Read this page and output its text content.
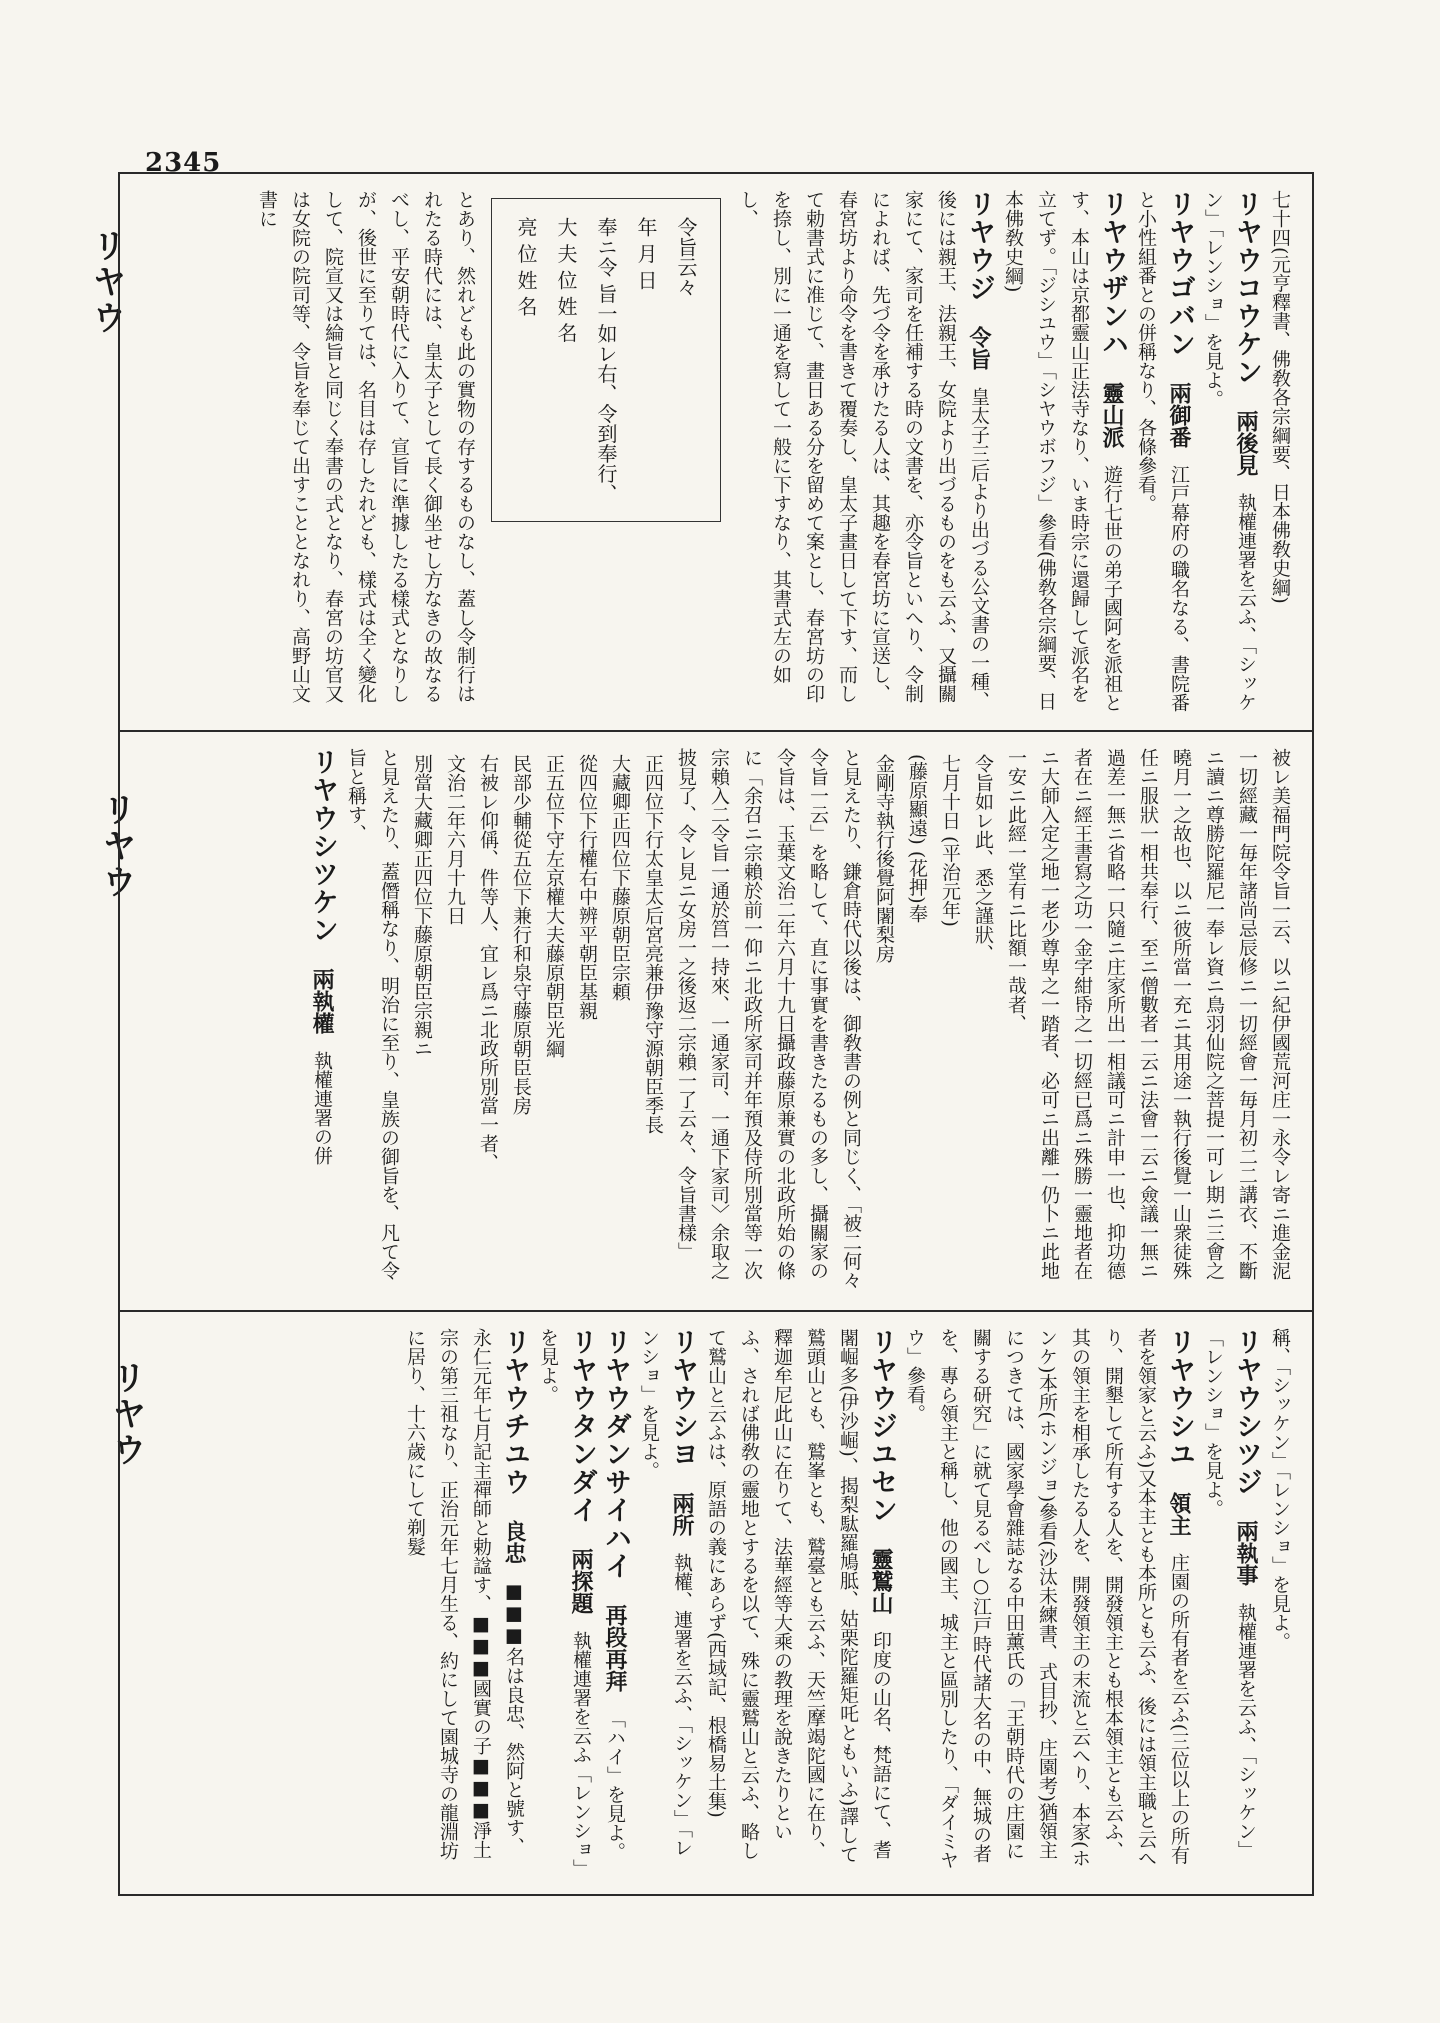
2345
リヤウ
リヤウ
リヤウ

七十四(元亨釋書、佛敎各宗綱要、日本佛敎史綱)

リヤウコウケン 兩後見 執權連署を云ふ、「シッケン」「レンショ」を見よ。

リヤウゴバン 兩御番 江戸幕府の職名なる、書院番と小性組番との併稱なり、各條參看。

リヤウザンハ 靈山派 遊行七世の弟子國阿を派祖とす、本山は京都靈山正法寺なり、いま時宗に還歸して派名を立てず。「ジシユウ」「シヤウボフジ」參看(佛敎各宗綱要、日本佛敎史綱)

リヤウジ 令旨 皇太子三后より出づる公文書の一種、後には親王、法親王、女院より出づるものをも云ふ、又攝關家にて、家司を任補する時の文書を、亦令旨といへり、令制によれば、先づ令を承けたる人は、其趣を春宮坊に宣送し、春宮坊より命令を書きて覆奏し、皇太子畫日して下す、而して勅書式に准じて、畫日ある分を留めて案とし、春宮坊の印を捺し、別に一通を寫して一般に下すなり、其書式左の如し、

令旨云々
年 月 日
奉ニ令 旨一如レ右、令到奉行、
大 夫 位 姓 名
亮 位 姓 名

とあり、然れども此の實物の存するものなし、蓋し令制行はれたる時代には、皇太子として長く御坐せし方なきの故なるべし、平安朝時代に入りて、宣旨に準據したる樣式となりしが、後世に至りては、名目は存したれども、樣式は全く變化して、院宣又は綸旨と同じく奉書の式となり、春宮の坊官又は女院の院司等、令旨を奉じて出すこととなれり、高野山文書に

被レ美福門院令旨一云、以ニ紀伊國荒河庄一永令レ寄ニ進金泥一切經藏一毎年諸尚忌辰修ニ一切經會一毎月初二二講衣、不斷ニ讀ニ尊勝陀羅尼一奉レ資ニ鳥羽仙院之菩提一可レ期ニ三會之曉月一之故也、以ニ彼所當一充ニ其用途一執行後覺一山衆徒殊任ニ服狀一相共奉行、至ニ僧數者一云ニ法會一云ニ僉議一無ニ過差一無ニ省略一只隨ニ庄家所出一相議可ニ計申一也、抑功德者在ニ經王書寫之功一金字紺帋之一切經已爲ニ殊勝一靈地者在ニ大師入定之地一老少尊卑之一踏者、必可ニ出離一仍卜ニ此地一安ニ此經一堂有ニ比額一哉者、

令旨如レ此、悉之謹狀、
七月十日 (平治元年)
(藤原顯遠) (花押)奉
金剛寺執行後覺阿闍梨房

と見えたり、鎌倉時代以後は、御敎書の例と同じく、「被二何々令旨一云」を略して、直に事實を書きたるもの多し、攝關家の令旨は、玉葉文治二年六月十九日攝政藤原兼實の北政所始の條に「余召ニ宗賴於前一仰ニ北政所家司并年預及侍所別當等一次宗賴入二令旨一通於筥一持來、一通家司、一通下家司〉余取之披見了、令レ見ニ女房一之後返二宗賴一了云々、令旨書樣」

正四位下行太皇太后宮亮兼伊豫守源朝臣季長
大藏卿正四位下藤原朝臣宗頼
從四位下行權右中辨平朝臣基親
正五位下守左京權大夫藤原朝臣光綱
民部少輔從五位下兼行和泉守藤原朝臣長房
右被レ仰偁、件等人、宜レ爲ニ北政所別當一者、
文治二年六月十九日
別當大藏卿正四位下藤原朝臣宗親ニ

と見えたり、蓋僭稱なり、明治に至り、皇族の御旨を、凡て令旨と稱す、

リヤウシツケン 兩執權 執權連署の併

稱、「シッケン」「レンショ」を見よ。

リヤウシツジ 兩執事 執權連署を云ふ、「シッケン」「レンショ」を見よ。

リヤウシユ 領主 庄園の所有者を云ふ(三位以上の所有者を領家と云ふ)又本主とも本所とも云ふ、後には領主職と云へり、開墾して所有する人を、開發領主とも根本領主とも云ふ、其の領主を相承したる人を、開發領主の末流と云へり、本家(ホンケ)本所(ホンジョ)參看(沙汰未練書、式目抄、庄園考)猶領主につきては、國家學會雜誌なる中田薰氏の「王朝時代の庄園に關する研究」に就て見るべし○江戸時代諸大名の中、無城の者を、專ら領主と稱し、他の國主、城主と區別したり、「ダイミヤウ」參看。

リヤウジユセン 靈鷲山 印度の山名、梵語にて、耆闍崛多(伊沙崛)、揭梨駄羅鳩胝、姑栗陀羅矩吒ともいふ)譯して鷲頭山とも、鷲峯とも、鷲臺とも云ふ、天竺摩竭陀國に在り、釋迦牟尼此山に在りて、法華經等大乘の教理を說きたりといふ、されば佛敎の靈地とするを以て、殊に靈鷲山と云ふ、略して鷲山と云ふは、原語の義にあらず(西域記、根橋易土集)

リヤウシヨ 兩所 執權、連署を云ふ、「シッケン」「レンショ」を見よ。

リヤウダンサイハイ 再段再拜 「ハイ」を見よ。

リヤウタンダイ 兩探題 執權連署を云ふ「レンショ」を見よ。

リヤウチユウ 良忠 ■■■名は良忠、然阿と號す、永仁元年七月記主禪師と勅諡す、■■■國實の子■■■淨土宗の第三祖なり、正治元年七月生る、約にして園城寺の龍淵坊に居り、十六歲にして剃髮
